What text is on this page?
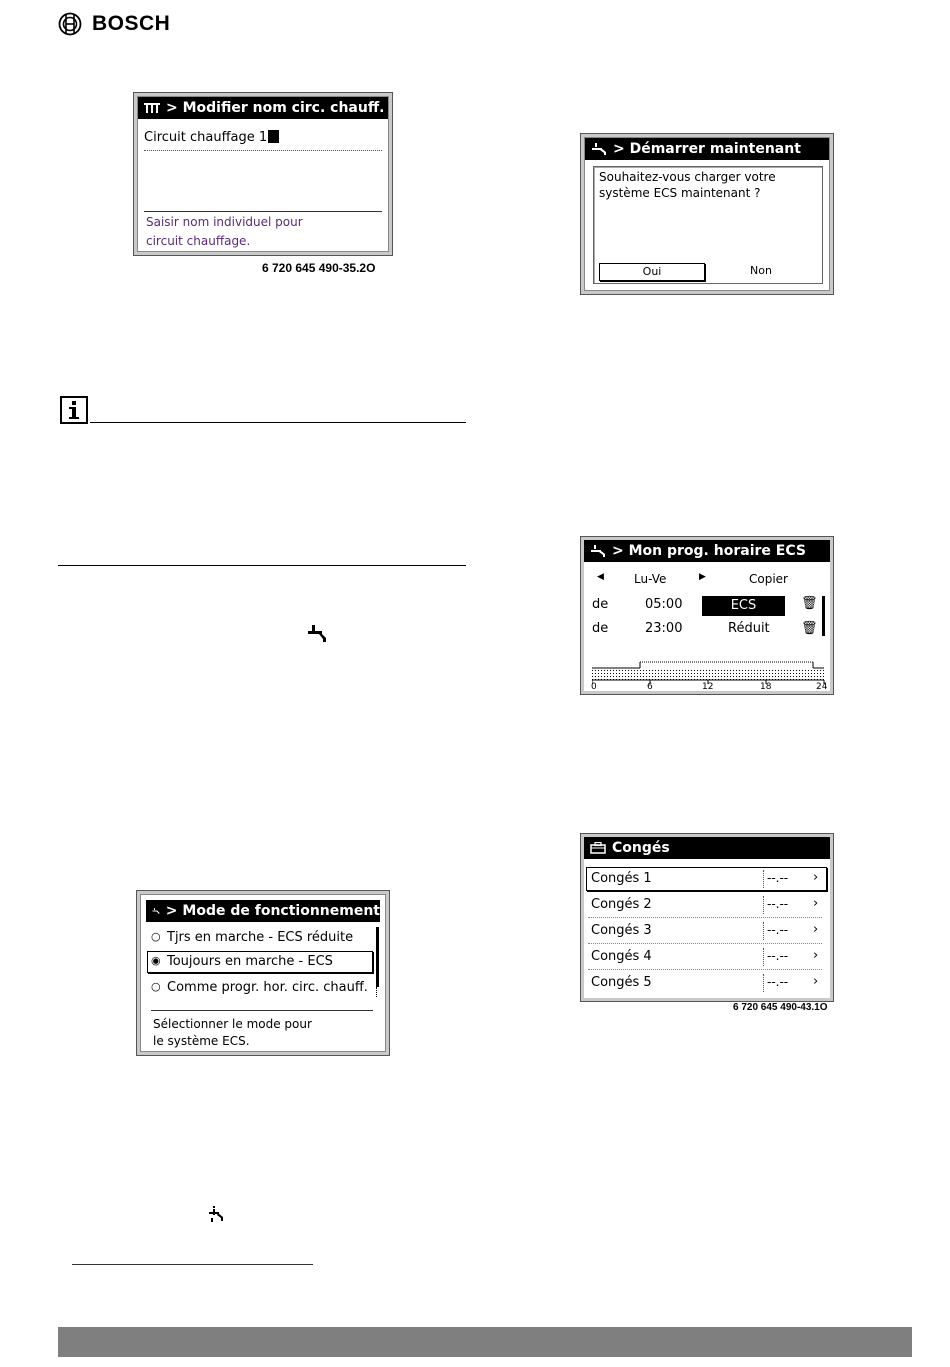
BOSCH
> Modifier nom circ. chauff.
Circuit chauffage 1
Saisir nom individuel pour
circuit chauffage.
6 720 645 490-35.2O
> Démarrer maintenant
Souhaitez-vous charger votre
système ECS maintenant ?
Oui	Non
> Mon prog. horaire ECS
◀	Lu-Ve	▶	Copier
de	05:00	ECS	🗑
de	23:00	Réduit 🗑
0	6	12	18	24
> Mode de fonctionnement
○ Tjrs en marche - ECS réduite
◉ Toujours en marche - ECS
○ Comme progr. hor. circ. chauff.
Sélectionner le mode pour
le système ECS.
Congés
Congés 1	--.-- ›
Congés 2	--.-- ›
Congés 3	--.-- ›
Congés 4	--.-- ›
Congés 5	--.-- ›
6 720 645 490-43.1O
